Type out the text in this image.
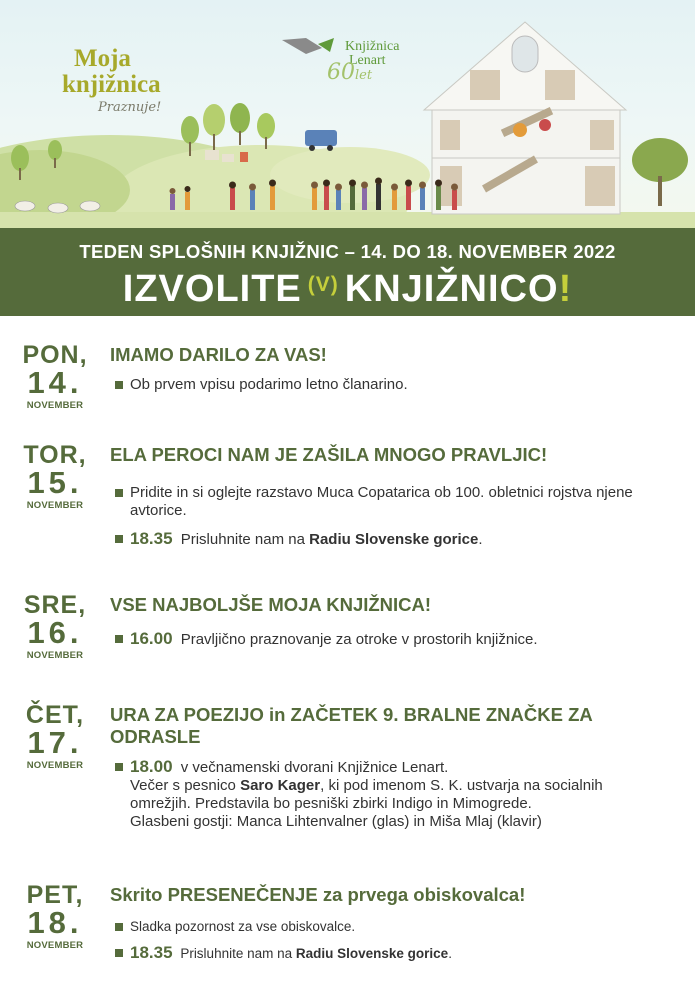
Moja
knjižnica
Praznuje!
Knjižnica
Lenart
60let
TEDEN SPLOŠNIH KNJIŽNIC – 14. DO 18. NOVEMBER 2022
IZVOLITE $^{(V)}$ KNJIŽNICO!
PON,
14.
NOVEMBER
IMAMO DARILO ZA VAS!
Ob prvem vpisu podarimo letno članarino.
TOR,
15.
NOVEMBER
ELA PEROCI NAM JE ZAŠILA MNOGO PRAVLJIC!
Pridite in si oglejte razstavo Muca Copatarica ob 100. obletnici rojstva njene avtorice.
18.35 Prisluhnite nam na Radiu Slovenske gorice.
SRE,
16.
NOVEMBER
VSE NAJBOLJŠE MOJA KNJIŽNICA!
16.00 Pravljično praznovanje za otroke v prostorih knjižnice.
ČET,
17.
NOVEMBER
URA ZA POEZIJO in ZAČETEK 9. BRALNE ZNAČKE ZA
ODRASLE
18.00 v večnamenski dvorani Knjižnice Lenart.
Večer s pesnico Saro Kager, ki pod imenom S. K. ustvarja na socialnih
omrežjih. Predstavila bo pesniški zbirki Indigo in Mimogrede.
Glasbeni gostji: Manca Lihtenvalner (glas) in Miša Mlaj (klavir)
PET,
18.
NOVEMBER
Skrito PRESENEČENJE za prvega obiskovalca!
Sladka pozornost za vse obiskovalce.
18.35 Prisluhnite nam na Radiu Slovenske gorice.
